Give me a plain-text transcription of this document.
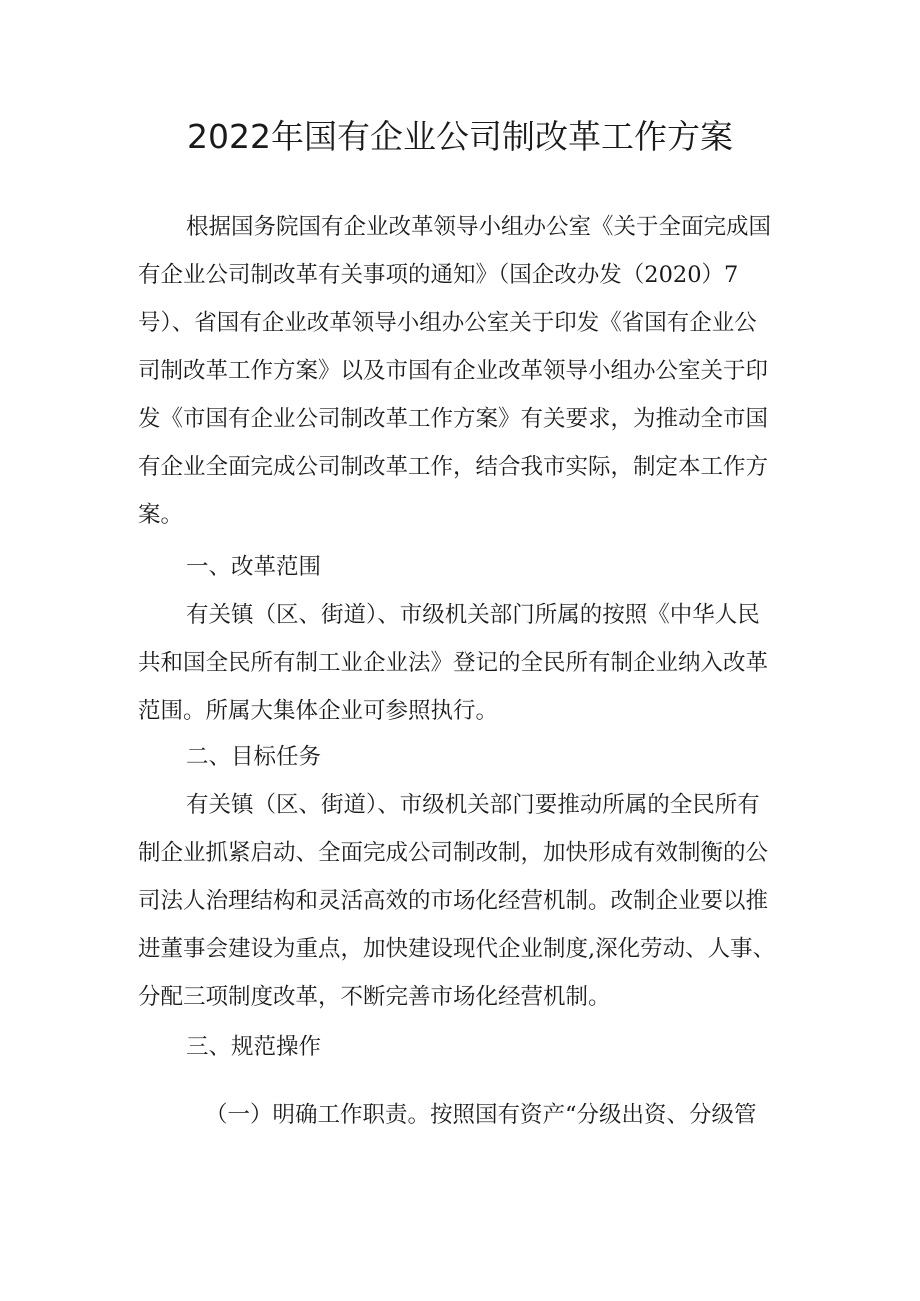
2022年国有企业公司制改革工作方案
根据国务院国有企业改革领导小组办公室《关于全面完成国
有企业公司制改革有关事项的通知》（国企改办发（2020）7
号）、省国有企业改革领导小组办公室关于印发《省国有企业公
司制改革工作方案》以及市国有企业改革领导小组办公室关于印
发《市国有企业公司制改革工作方案》有关要求，为推动全市国
有企业全面完成公司制改革工作，结合我市实际，制定本工作方
案。
一、改革范围
有关镇（区、街道）、市级机关部门所属的按照《中华人民
共和国全民所有制工业企业法》登记的全民所有制企业纳入改革
范围。所属大集体企业可参照执行。
二、目标任务
有关镇（区、街道）、市级机关部门要推动所属的全民所有
制企业抓紧启动、全面完成公司制改制，加快形成有效制衡的公
司法人治理结构和灵活高效的市场化经营机制。改制企业要以推
进董事会建设为重点，加快建设现代企业制度,深化劳动、人事、
分配三项制度改革，不断完善市场化经营机制。
三、规范操作
（一）明确工作职责。按照国有资产“分级出资、分级管
